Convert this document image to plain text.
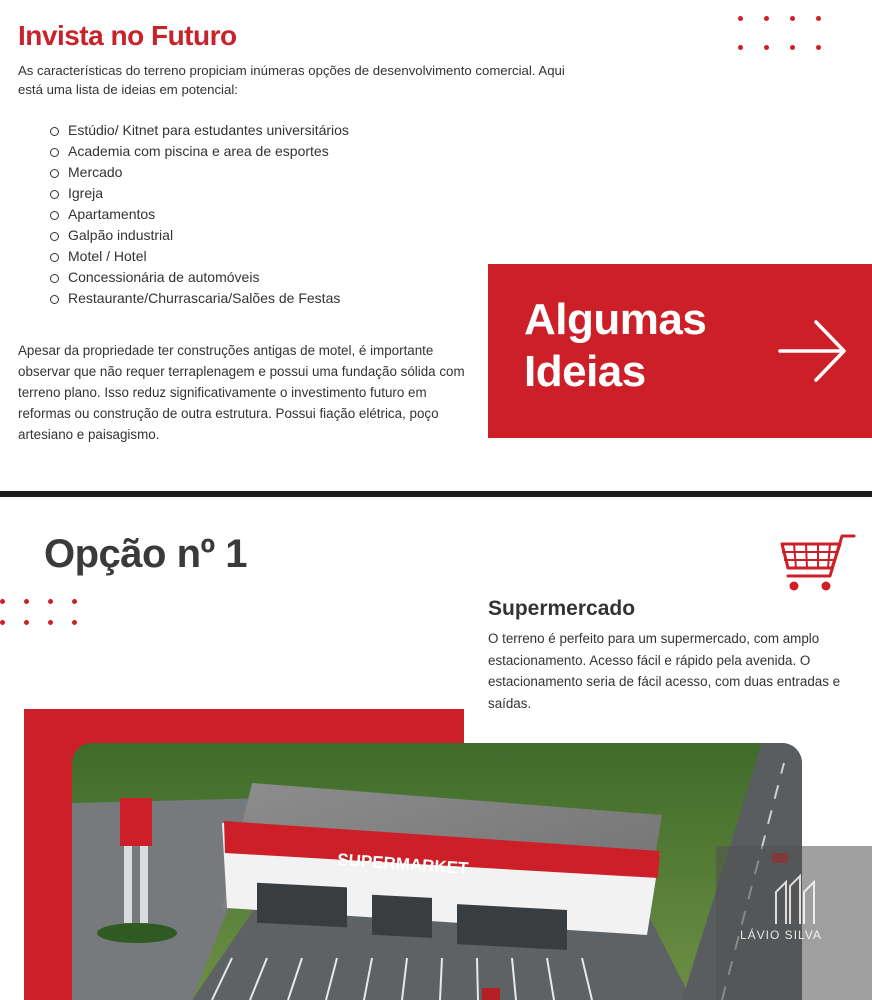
Invista no Futuro

As características do terreno propiciam inúmeras opções de desenvolvimento comercial. Aqui está uma lista de ideias em potencial:

Estúdio/ Kitnet para estudantes universitários
Academia com piscina e area de esportes
Mercado
Igreja
Apartamentos
Galpão industrial
Motel / Hotel
Concessionária de automóveis
Restaurante/Churrascaria/Salões de Festas

Apesar da propriedade ter construções antigas de motel, é importante observar que não requer terraplenagem e possui uma fundação sólida com terreno plano. Isso reduz significativamente o investimento futuro em reformas ou construção de outra estrutura. Possui fiação elétrica, poço artesiano e paisagismo.

Algumas
Ideias
Opção nº 1
Supermercado

O terreno é perfeito para um supermercado, com amplo estacionamento. Acesso fácil e rápido pela avenida. O estacionamento seria de fácil acesso, com duas entradas e saídas.

SUPERMARKET
LÁVIO SILVA
